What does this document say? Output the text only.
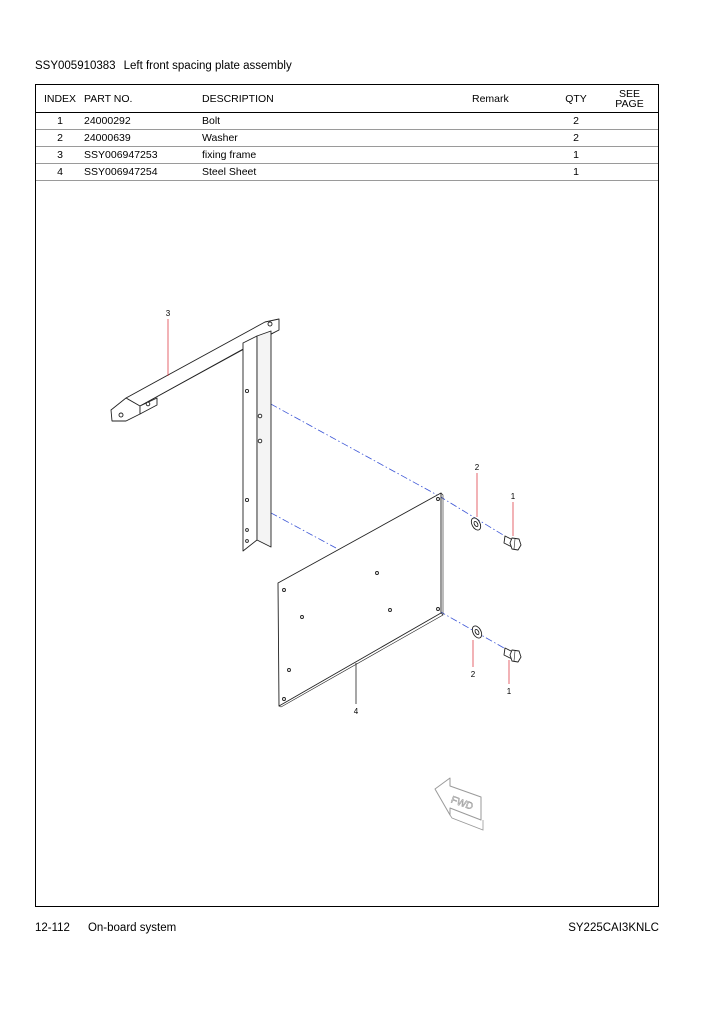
SSY005910383 Left front spacing plate assembly
INDEX	PART NO.	DESCRIPTION	Remark	QTY	SEE
PAGE
1	24000292	Bolt		2	
2	24000639	Washer		2	
3	SSY006947253	fixing frame		1	
4	SSY006947254	Steel Sheet		1	
3
2
1
2
1
4
FWD
12-112 On-board system	SY225CAI3KNLC
